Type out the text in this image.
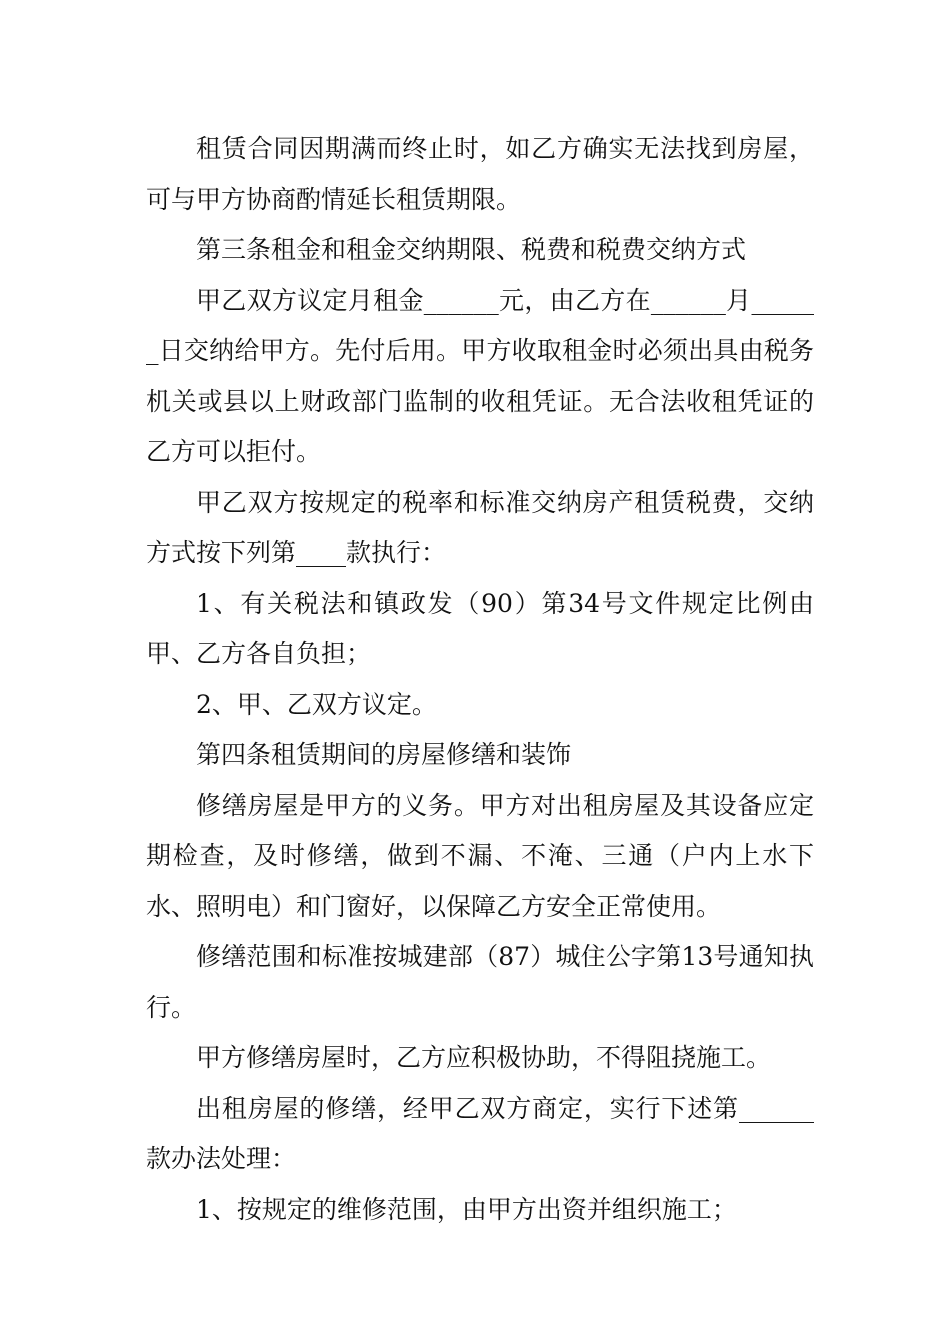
租赁合同因期满而终止时，如乙方确实无法找到房屋，可与甲方协商酌情延长租赁期限。

第三条租金和租金交纳期限、税费和税费交纳方式

甲乙双方议定月租金______元，由乙方在______月______日交纳给甲方。先付后用。甲方收取租金时必须出具由税务机关或县以上财政部门监制的收租凭证。无合法收租凭证的乙方可以拒付。

甲乙双方按规定的税率和标准交纳房产租赁税费，交纳方式按下列第____款执行：

1、有关税法和镇政发（90）第34号文件规定比例由甲、乙方各自负担；

2、甲、乙双方议定。

第四条租赁期间的房屋修缮和装饰

修缮房屋是甲方的义务。甲方对出租房屋及其设备应定期检查，及时修缮，做到不漏、不淹、三通（户内上水下水、照明电）和门窗好，以保障乙方安全正常使用。

修缮范围和标准按城建部（87）城住公字第13号通知执行。

甲方修缮房屋时，乙方应积极协助，不得阻挠施工。

出租房屋的修缮，经甲乙双方商定，实行下述第______款办法处理：

1、按规定的维修范围，由甲方出资并组织施工；
